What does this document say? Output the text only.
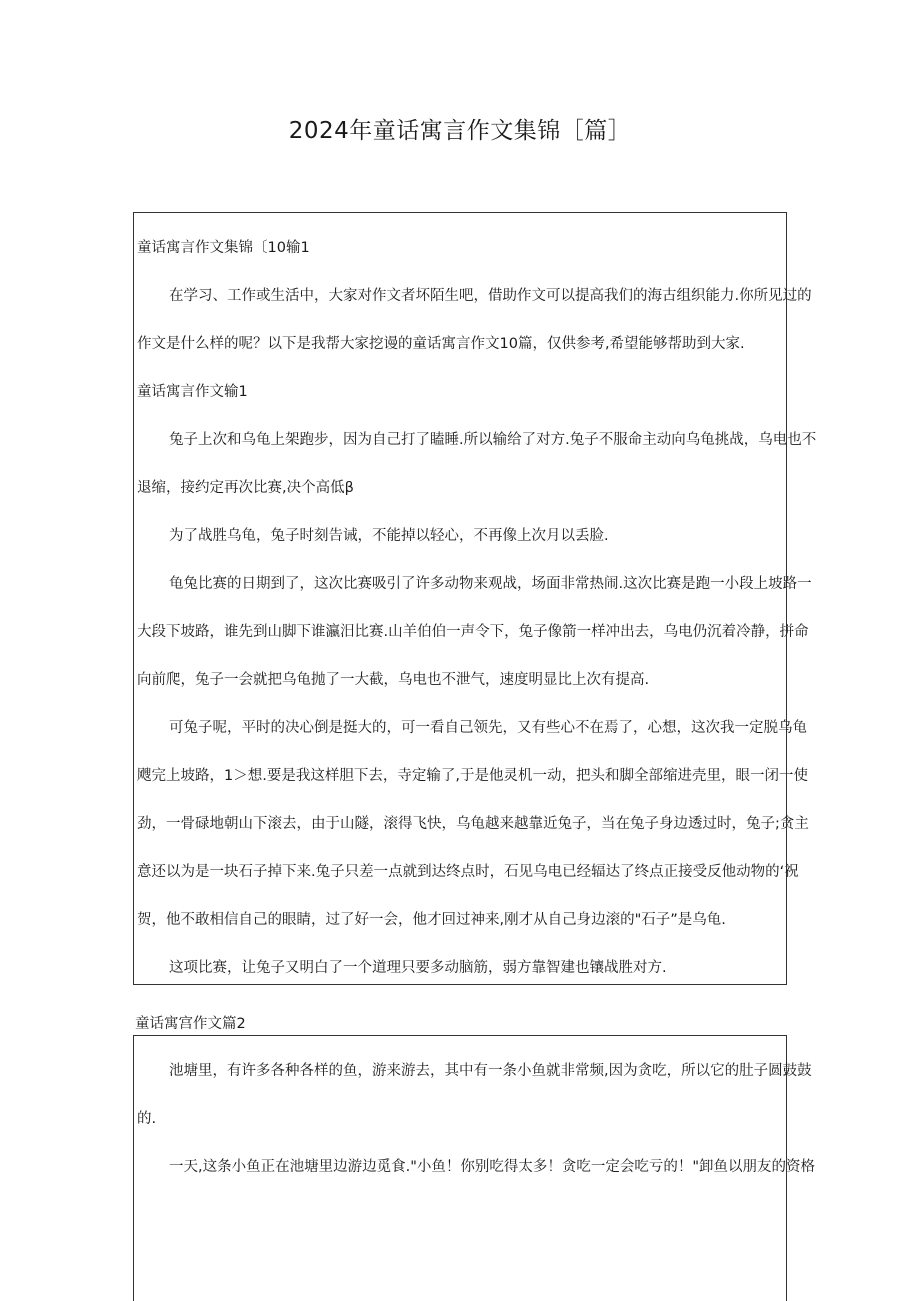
2024年童话寓言作文集锦［篇］
童话寓言作文集锦〔10输1
在学习、工作或生活中，大家对作文者坏陌生吧，借助作文可以提高我们的海古组织能力.你所见过的
作文是什么样的呢？以下是我帮大家挖谩的童话寓言作文10篇，仅供参考,希望能够帮助到大家.
童话寓言作文输1
兔子上次和乌龟上架跑步，因为自己打了瞌睡.所以输给了对方.兔子不服命主动向乌龟挑战，乌电也不
退缩，接约定再次比赛,决个高低β
为了战胜乌龟，兔子时刻告诫，不能掉以轻心，不再像上次月以丢脸.
龟兔比赛的日期到了，这次比赛吸引了许多动物来观战，场面非常热闹.这次比赛是跑一小段上坡路一
大段下坡路，谁先到山脚下谁瀛汨比赛.山羊伯伯一声令下，兔子像箭一样冲出去，乌电仍沉着冷静，拼命
向前爬，兔子一会就把乌龟抛了一大截，乌电也不泄气，速度明显比上次有提高.
可兔子呢，平时的决心倒是挺大的，可一看自己领先，又有些心不在焉了，心想，这次我一定脱乌龟
飕完上坡路，1＞想.要是我这样胆下去，寺定输了,于是他灵机一动，把头和脚全部缩进壳里，眼一闭一使
劲，一骨碌地朝山下滚去，由于山隧，滚得飞快，乌龟越来越靠近兔子，当在兔子身边透过时，兔子;贪主
意还以为是一块石子掉下来.兔子只差一点就到达终点时，石见乌电已经辐达了终点正接受反他动物的‘祝
贺，他不敢相信自己的眼睛，过了好一会，他才回过神来,刚才从自己身边滚的"石子”是乌龟.
这项比赛，让兔子又明白了一个道理只要多动脑筋，弱方靠智建也镶战胜对方.
童话寓宫作文篇2
池塘里，有许多各种各样的鱼，游来游去，其中有一条小鱼就非常频,因为贪吃，所以它的肚子圆鼓鼓
的.
一天,这条小鱼正在池塘里边游边觅食."小鱼！你别吃得太多！贪吃一定会吃亏的！"卸鱼以朋友的资格
